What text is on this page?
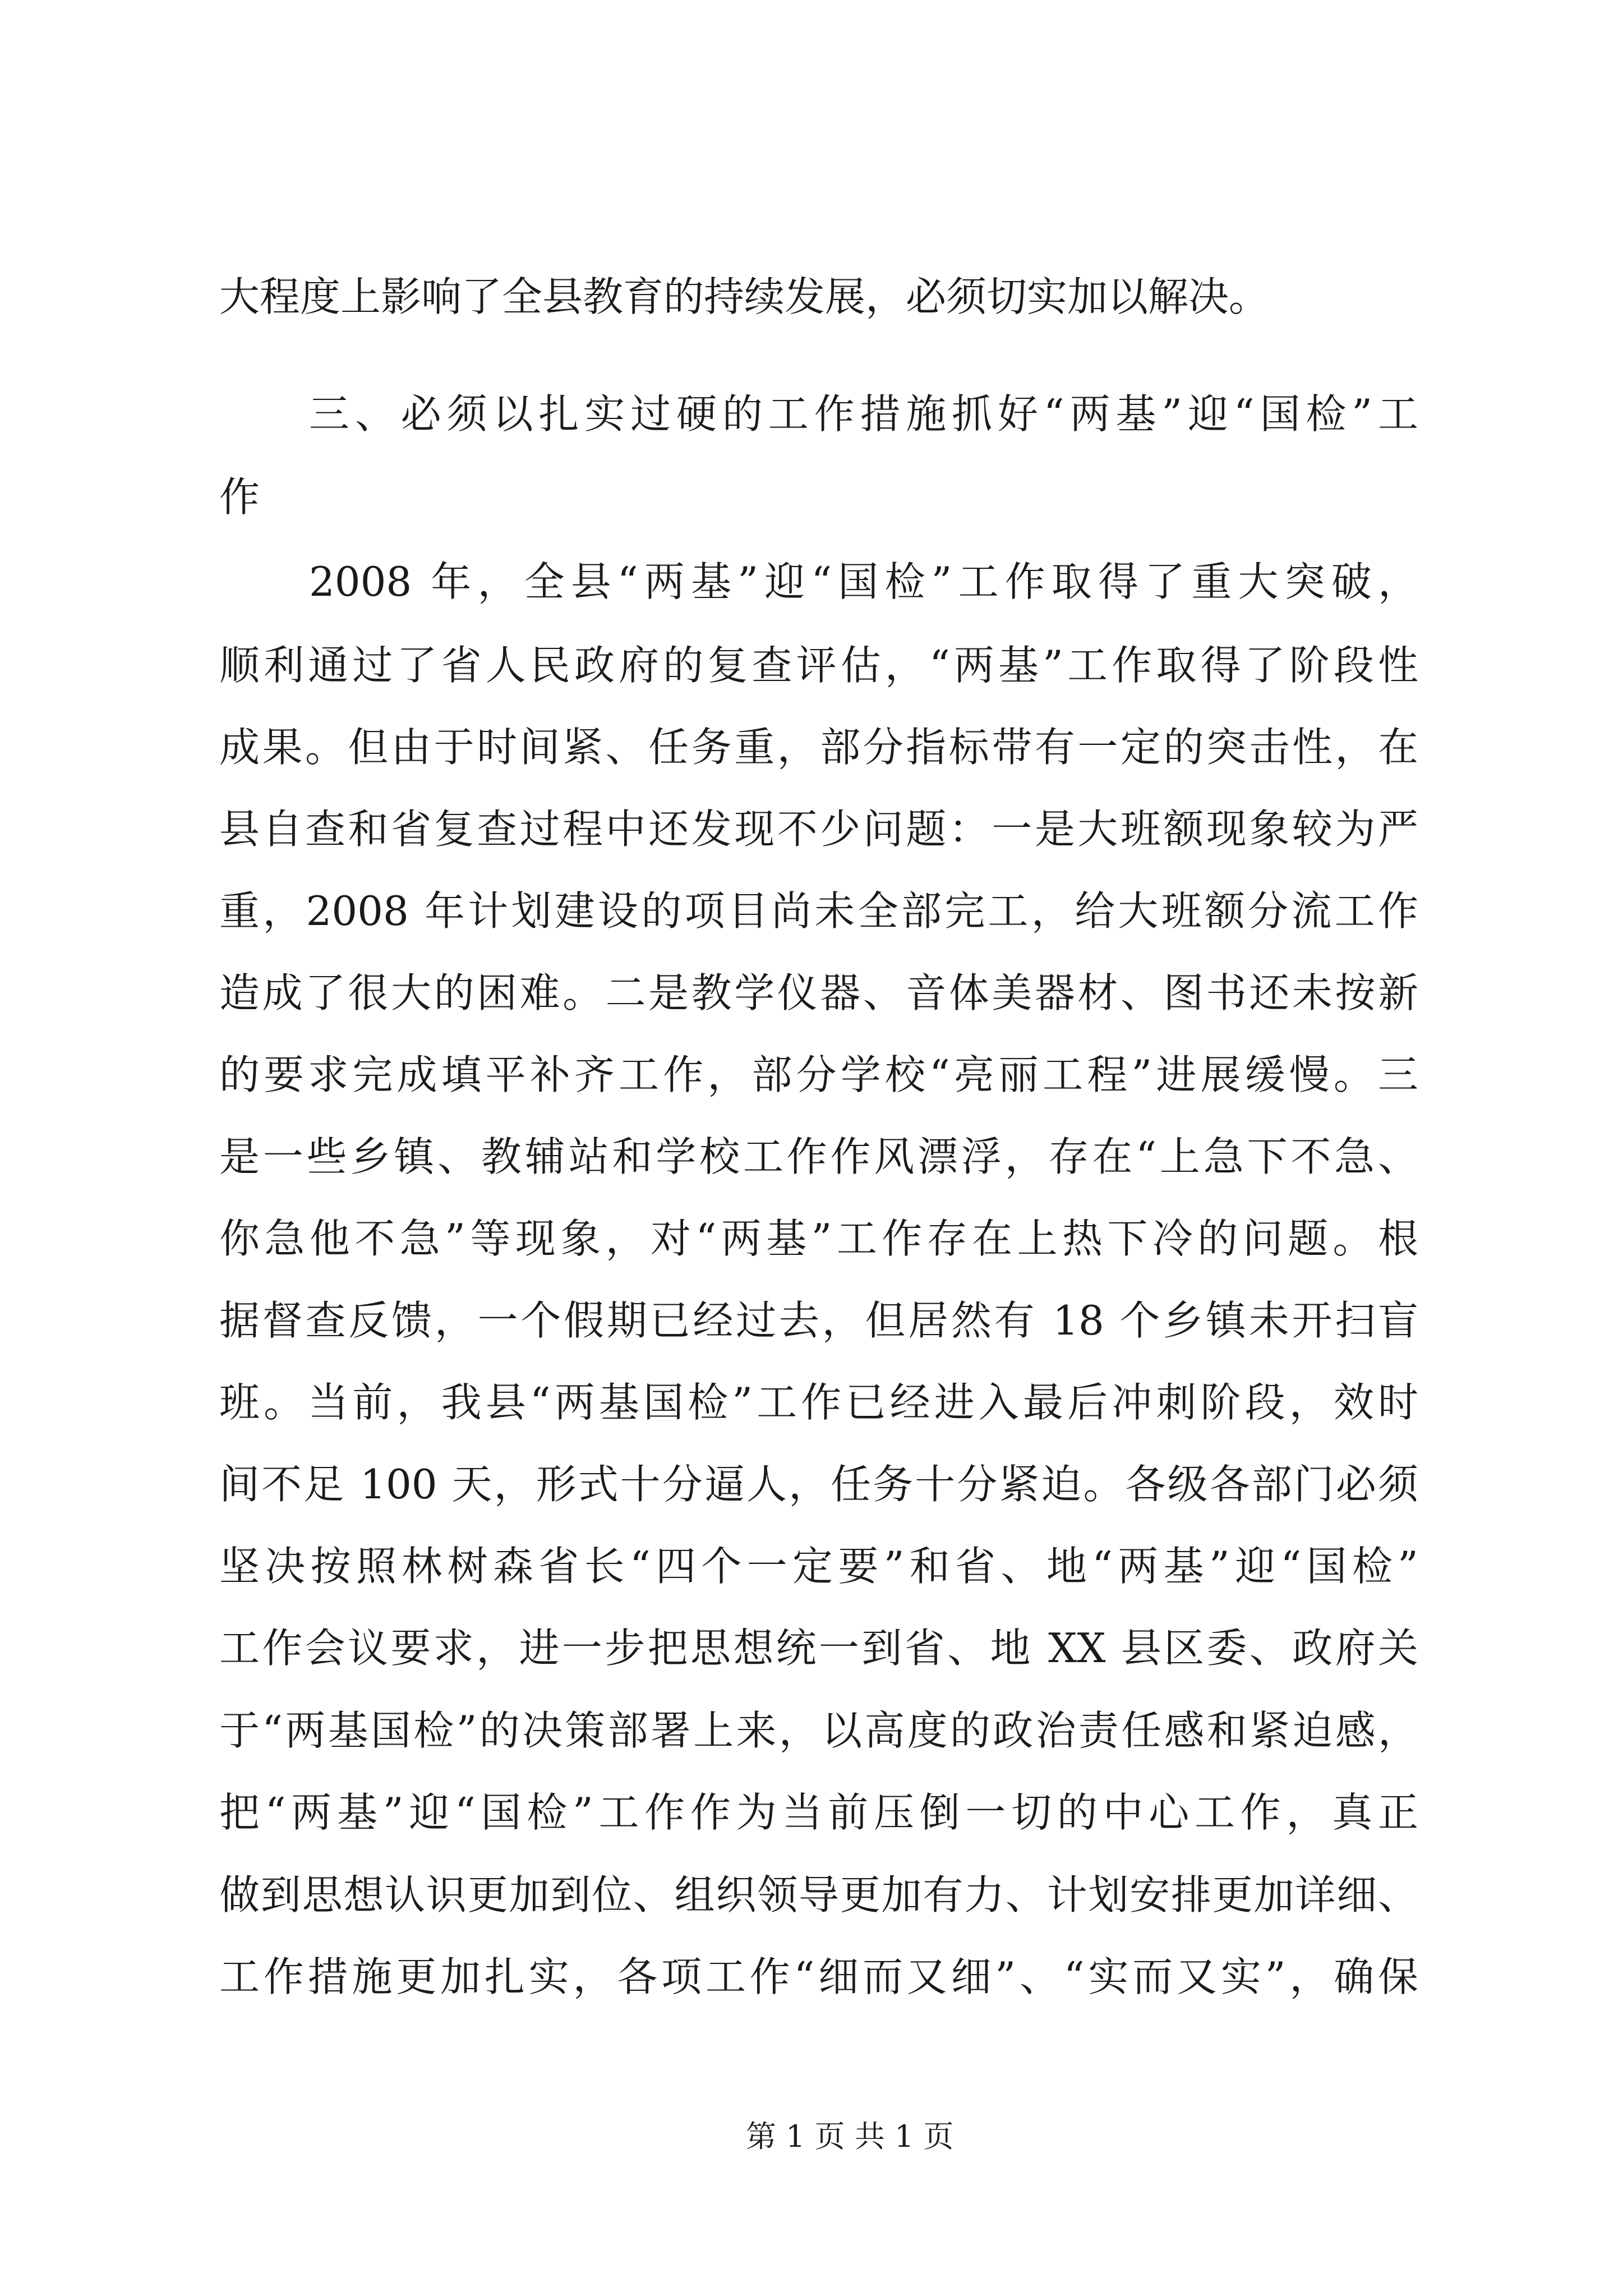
大程度上影响了全县教育的持续发展，必须切实加以解决。
三、必须以扎实过硬的工作措施抓好“两基”迎“国检”工
作
2008 年，全县“两基”迎“国检”工作取得了重大突破，
顺利通过了省人民政府的复查评估，“两基”工作取得了阶段性
成果。但由于时间紧、任务重，部分指标带有一定的突击性，在
县自查和省复查过程中还发现不少问题：一是大班额现象较为严
重，2008 年计划建设的项目尚未全部完工，给大班额分流工作
造成了很大的困难。二是教学仪器、音体美器材、图书还未按新
的要求完成填平补齐工作，部分学校“亮丽工程”进展缓慢。三
是一些乡镇、教辅站和学校工作作风漂浮，存在“上急下不急、
你急他不急”等现象，对“两基”工作存在上热下冷的问题。根
据督查反馈，一个假期已经过去，但居然有 18 个乡镇未开扫盲
班。当前，我县“两基国检”工作已经进入最后冲刺阶段，效时
间不足 100 天，形式十分逼人，任务十分紧迫。各级各部门必须
坚决按照林树森省长“四个一定要”和省、地“两基”迎“国检”
工作会议要求，进一步把思想统一到省、地 XX 县区委、政府关
于“两基国检”的决策部署上来，以高度的政治责任感和紧迫感，
把“两基”迎“国检”工作作为当前压倒一切的中心工作，真正
做到思想认识更加到位、组织领导更加有力、计划安排更加详细、
工作措施更加扎实，各项工作“细而又细”、“实而又实”，确保
第 1 页 共 1 页
